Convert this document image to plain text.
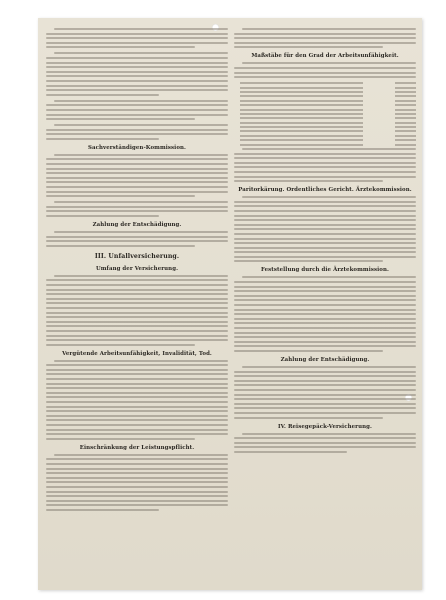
Sachverständigen-Kommission.
Zahlung der Entschädigung.
III. Unfallversicherung.
Umfang der Versicherung.
Vergütende Arbeitsunfähigkeit, Invalidität, Tod.
Einschränkung der Leistungspflicht.
Maßstäbe für den Grad der Arbeitsunfähigkeit.
Paritorkärung. Ordentliches Gericht. Ärztekommission.
Feststellung durch die Ärztekommission.
Zahlung der Entschädigung.
IV. Reisegepäck-Versicherung.
